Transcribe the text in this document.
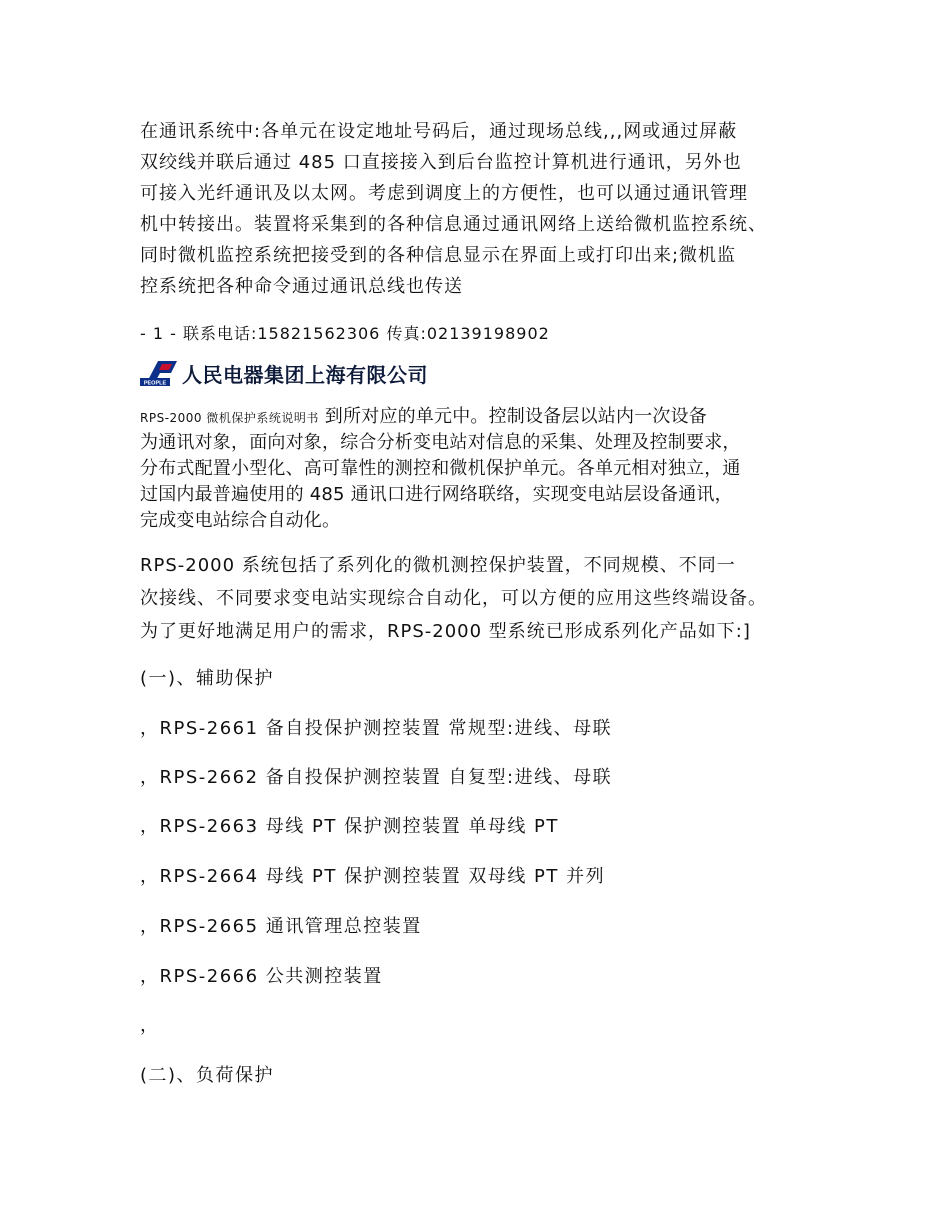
在通讯系统中:各单元在设定地址号码后，通过现场总线,,,网或通过屏蔽
双绞线并联后通过 485 口直接接入到后台监控计算机进行通讯，另外也
可接入光纤通讯及以太网。考虑到调度上的方便性，也可以通过通讯管理
机中转接出。装置将采集到的各种信息通过通讯网络上送给微机监控系统、
同时微机监控系统把接受到的各种信息显示在界面上或打印出来;微机监
控系统把各种命令通过通讯总线也传送
- 1 - 联系电话:15821562306 传真:02139198902
PEOPLE 人民电器集团上海有限公司
RPS-2000 微机保护系统说明书 到所对应的单元中。控制设备层以站内一次设备
为通讯对象，面向对象，综合分析变电站对信息的采集、处理及控制要求，
分布式配置小型化、高可靠性的测控和微机保护单元。各单元相对独立，通
过国内最普遍使用的 485 通讯口进行网络联络，实现变电站层设备通讯，
完成变电站综合自动化。
RPS-2000 系统包括了系列化的微机测控保护装置，不同规模、不同一
次接线、不同要求变电站实现综合自动化，可以方便的应用这些终端设备。
为了更好地满足用户的需求，RPS-2000 型系统已形成系列化产品如下:]
(一)、辅助保护
，RPS-2661 备自投保护测控装置 常规型:进线、母联
，RPS-2662 备自投保护测控装置 自复型:进线、母联
，RPS-2663 母线 PT 保护测控装置 单母线 PT
，RPS-2664 母线 PT 保护测控装置 双母线 PT 并列
，RPS-2665 通讯管理总控装置
，RPS-2666 公共测控装置
，
(二)、负荷保护
